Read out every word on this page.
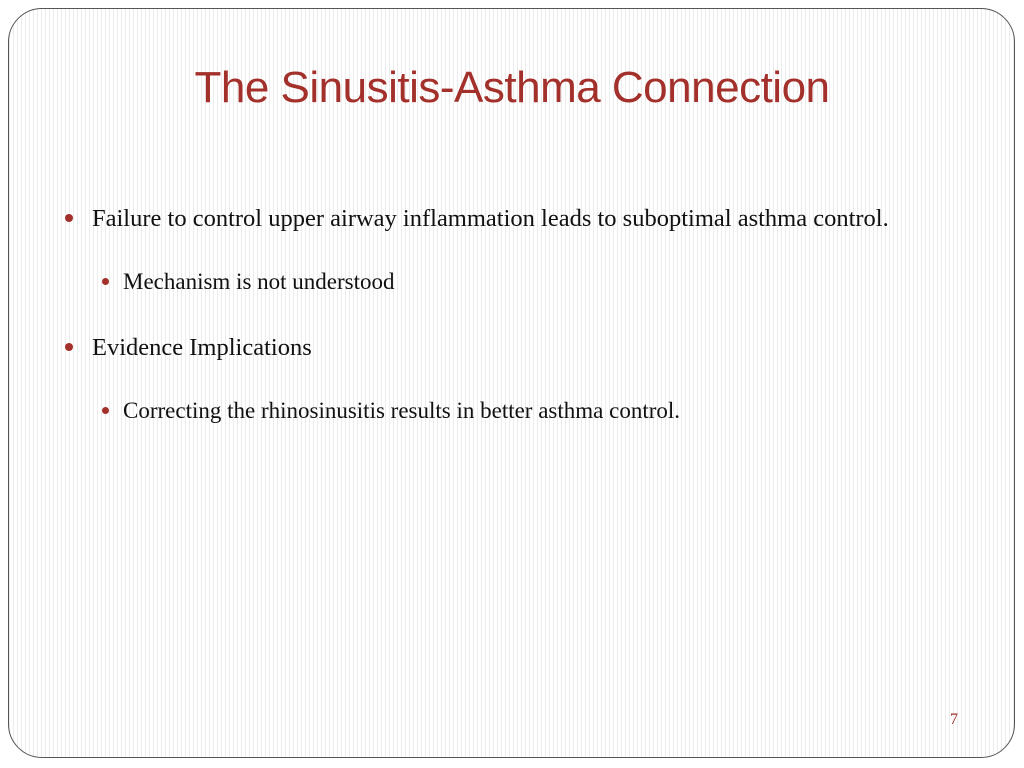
The Sinusitis-Asthma Connection
Failure to control upper airway inflammation leads to suboptimal asthma control.
Mechanism is not understood
Evidence Implications
Correcting the rhinosinusitis results in better asthma control.
7
